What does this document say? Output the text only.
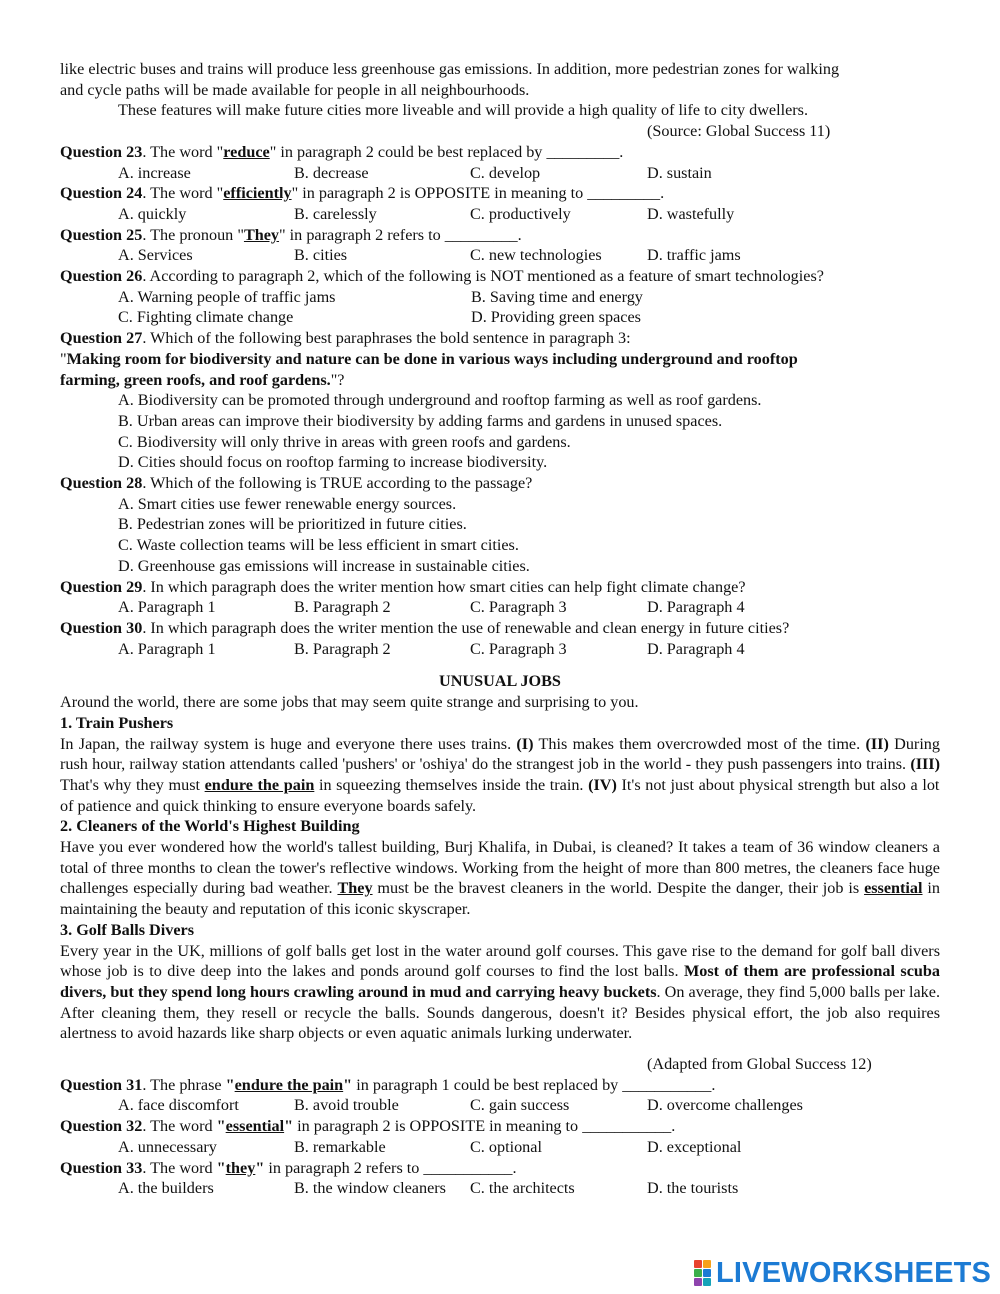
like electric buses and trains will produce less greenhouse gas emissions. In addition, more pedestrian zones for walking
and cycle paths will be made available for people in all neighbourhoods.
These features will make future cities more liveable and will provide a high quality of life to city dwellers.
(Source: Global Success 11)
Question 23. The word "reduce" in paragraph 2 could be best replaced by _________.
A. increase	B. decrease	C. develop	D. sustain
Question 24. The word "efficiently" in paragraph 2 is OPPOSITE in meaning to _________.
A. quickly	B. carelessly	C. productively	D. wastefully
Question 25. The pronoun "They" in paragraph 2 refers to _________.
A. Services	B. cities	C. new technologies	D. traffic jams
Question 26. According to paragraph 2, which of the following is NOT mentioned as a feature of smart technologies?
A. Warning people of traffic jams	B. Saving time and energy
C. Fighting climate change	D. Providing green spaces
Question 27. Which of the following best paraphrases the bold sentence in paragraph 3:
"Making room for biodiversity and nature can be done in various ways including underground and rooftop
farming, green roofs, and roof gardens."?
A. Biodiversity can be promoted through underground and rooftop farming as well as roof gardens.
B. Urban areas can improve their biodiversity by adding farms and gardens in unused spaces.
C. Biodiversity will only thrive in areas with green roofs and gardens.
D. Cities should focus on rooftop farming to increase biodiversity.
Question 28. Which of the following is TRUE according to the passage?
A. Smart cities use fewer renewable energy sources.
B. Pedestrian zones will be prioritized in future cities.
C. Waste collection teams will be less efficient in smart cities.
D. Greenhouse gas emissions will increase in sustainable cities.
Question 29. In which paragraph does the writer mention how smart cities can help fight climate change?
A. Paragraph 1	B. Paragraph 2	C. Paragraph 3	D. Paragraph 4
Question 30. In which paragraph does the writer mention the use of renewable and clean energy in future cities?
A. Paragraph 1	B. Paragraph 2	C. Paragraph 3	D. Paragraph 4
UNUSUAL JOBS
Around the world, there are some jobs that may seem quite strange and surprising to you.
1. Train Pushers
In Japan, the railway system is huge and everyone there uses trains. (I) This makes them overcrowded most of the time. (II) During rush hour, railway station attendants called 'pushers' or 'oshiya' do the strangest job in the world - they push passengers into trains. (III) That's why they must endure the pain in squeezing themselves inside the train. (IV) It's not just about physical strength but also a lot of patience and quick thinking to ensure everyone boards safely.
2. Cleaners of the World's Highest Building
Have you ever wondered how the world's tallest building, Burj Khalifa, in Dubai, is cleaned? It takes a team of 36 window cleaners a total of three months to clean the tower's reflective windows. Working from the height of more than 800 metres, the cleaners face huge challenges especially during bad weather. They must be the bravest cleaners in the world. Despite the danger, their job is essential in maintaining the beauty and reputation of this iconic skyscraper.
3. Golf Balls Divers
Every year in the UK, millions of golf balls get lost in the water around golf courses. This gave rise to the demand for golf ball divers whose job is to dive deep into the lakes and ponds around golf courses to find the lost balls. Most of them are professional scuba divers, but they spend long hours crawling around in mud and carrying heavy buckets. On average, they find 5,000 balls per lake. After cleaning them, they resell or recycle the balls. Sounds dangerous, doesn't it? Besides physical effort, the job also requires alertness to avoid hazards like sharp objects or even aquatic animals lurking underwater.
(Adapted from Global Success 12)
Question 31. The phrase "endure the pain" in paragraph 1 could be best replaced by ___________.
A. face discomfort	B. avoid trouble	C. gain success	D. overcome challenges
Question 32. The word "essential" in paragraph 2 is OPPOSITE in meaning to ___________.
A. unnecessary	B. remarkable	C. optional	D. exceptional
Question 33. The word "they" in paragraph 2 refers to ___________.
A. the builders	B. the window cleaners	C. the architects	D. the tourists
LIVEWORKSHEETS
